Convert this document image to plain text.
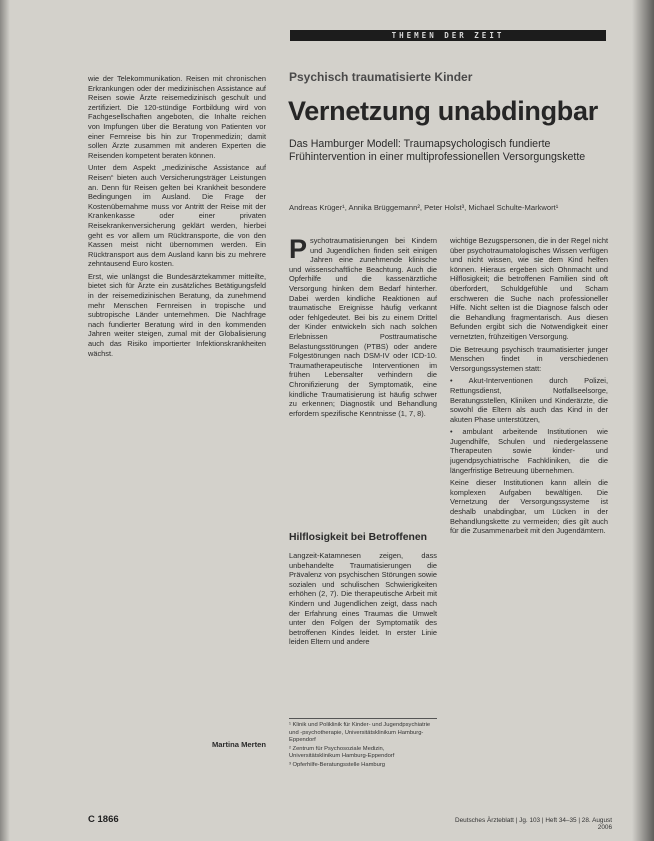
THEMEN DER ZEIT

wie der Telekommunikation. Reisen mit chronischen Erkrankungen oder der medizinischen Assistance auf Reisen sowie Ärzte reisemedizinisch geschult und zertifiziert. Die 120-stündige Fortbildung wird von Fachgesellschaften angeboten, die Inhalte reichen von Impfungen über die Beratung von Patienten vor einer Fernreise bis hin zur Tropenmedizin; damit sollen Ärzte zusammen mit anderen Experten die Reisenden kompetent beraten können.

Unter dem Aspekt „medizinische Assistance auf Reisen“ bieten auch Versicherungsträger Leistungen an. Denn für Reisen gelten bei Krankheit besondere Bedingungen im Ausland. Die Frage der Kostenübernahme muss vor Antritt der Reise mit der Krankenkasse oder einer privaten Reisekrankenversicherung geklärt werden, hierbei geht es vor allem um Rücktransporte, die von den Kassen meist nicht übernommen werden. Ein Rücktransport aus dem Ausland kann bis zu mehrere zehntausend Euro kosten.

Erst, wie unlängst die Bundesärztekammer mitteilte, bietet sich für Ärzte ein zusätzliches Betätigungsfeld in der reisemedizinischen Beratung, da zunehmend mehr Menschen Fernreisen in tropische und subtropische Länder unternehmen. Die Nachfrage nach fundierter Beratung wird in den kommenden Jahren weiter steigen, zumal mit der Globalisierung auch das Risiko importierter Infektionskrankheiten wächst.

Martina Merten
Psychisch traumatisierte Kinder
Vernetzung unabdingbar
Das Hamburger Modell: Traumapsychologisch fundierte Frühintervention in einer multiprofessionellen Versorgungskette
Andreas Krüger¹, Annika Brüggemann², Peter Holst³, Michael Schulte-Markwort¹

Psychotraumatisierungen bei Kindern und Jugendlichen finden seit einigen Jahren eine zunehmende klinische und wissenschaftliche Beachtung. Auch die Opferhilfe und die kassenärztliche Versorgung hinken dem Bedarf hinterher. Dabei werden kindliche Reaktionen auf traumatische Ereignisse häufig verkannt oder fehlgedeutet. Bei bis zu einem Drittel der Kinder entwickeln sich nach solchen Erlebnissen Posttraumatische Belastungsstörungen (PTBS) oder andere Folgestörungen nach DSM-IV oder ICD-10. Traumatherapeutische Interventionen im frühen Lebensalter verhindern die Chronifizierung der Symptomatik, eine kindliche Traumatisierung ist häufig schwer zu erkennen; Diagnostik und Behandlung erfordern spezifische Kenntnisse (1, 7, 8).

Hilflosigkeit bei Betroffenen

Langzeit-Katamnesen zeigen, dass unbehandelte Traumatisierungen die Prävalenz von psychischen Störungen sowie sozialen und schulischen Schwierigkeiten erhöhen (2, 7). Die therapeutische Arbeit mit Kindern und Jugendlichen zeigt, dass nach der Erfahrung eines Traumas die Umwelt unter den Folgen der Symptomatik des betroffenen Kindes leidet. In erster Linie leiden Eltern und andere

¹ Klinik und Poliklinik für Kinder- und Jugendpsychiatrie und -psychotherapie, Universitätsklinikum Hamburg-Eppendorf
² Zentrum für Psychosoziale Medizin, Universitätsklinikum Hamburg-Eppendorf
³ Opferhilfe-Beratungsstelle Hamburg

wichtige Bezugspersonen, die in der Regel nicht über psychotraumatologisches Wissen verfügen und nicht wissen, wie sie dem Kind helfen können. Hieraus ergeben sich Ohnmacht und Hilflosigkeit; die betroffenen Familien sind oft überfordert, Schuldgefühle und Scham erschweren die Suche nach professioneller Hilfe. Nicht selten ist die Diagnose falsch oder die Behandlung fragmentarisch. Aus diesen Befunden ergibt sich die Notwendigkeit einer vernetzten, frühzeitigen Versorgung.

Die Betreuung psychisch traumatisierter junger Menschen findet in verschiedenen Versorgungssystemen statt:

• Akut-Interventionen durch Polizei, Rettungsdienst, Notfallseelsorge, Beratungsstellen, Kliniken und Kinderärzte, die sowohl die Eltern als auch das Kind in der akuten Phase unterstützen,

• ambulant arbeitende Institutionen wie Jugendhilfe, Schulen und niedergelassene Therapeuten sowie kinder- und jugendpsychiatrische Fachkliniken, die die längerfristige Betreuung übernehmen.

Keine dieser Institutionen kann allein die komplexen Aufgaben bewältigen. Die Vernetzung der Versorgungssysteme ist deshalb unabdingbar, um Lücken in der Behandlungskette zu vermeiden; dies gilt auch für die Zusammenarbeit mit den Jugendämtern.

C 1866	Deutsches Ärzteblatt | Jg. 103 | Heft 34–35 | 28. August 2006
